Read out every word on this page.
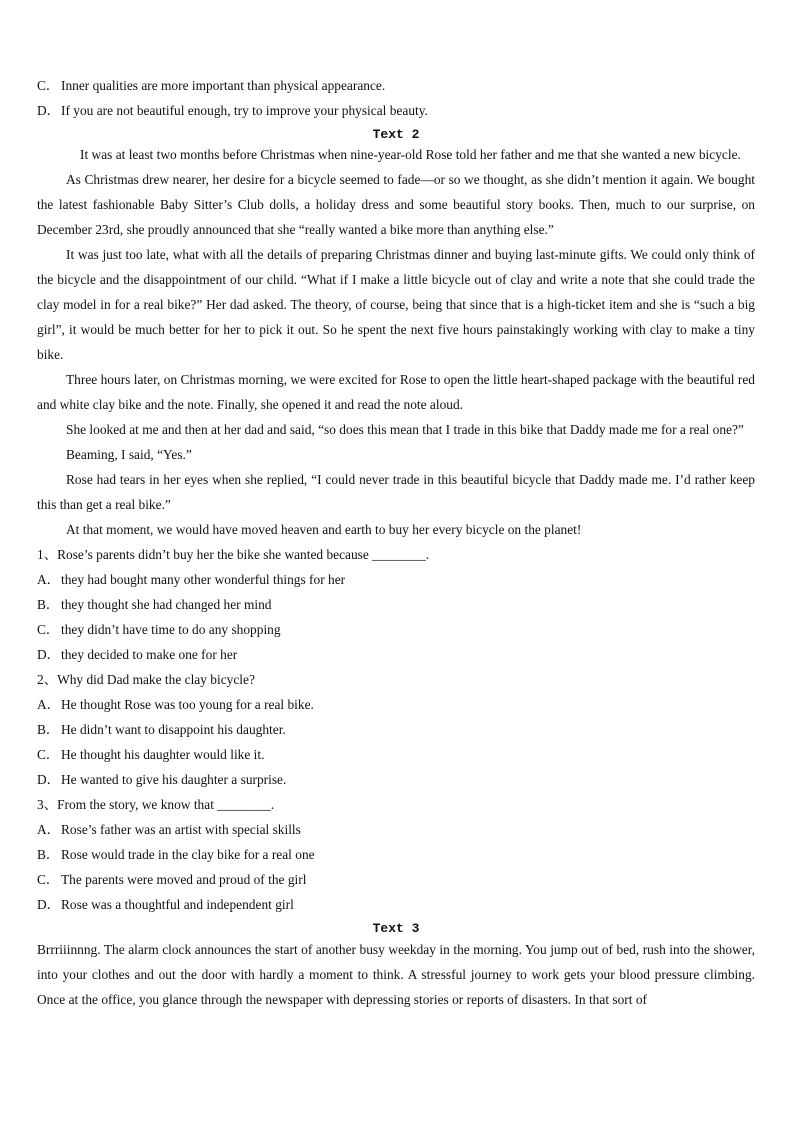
C． Inner qualities are more important than physical appearance.

D．If you are not beautiful enough, try to improve your physical beauty.

Text 2

It was at least two months before Christmas when nine-year-old Rose told her father and me that she wanted a new bicycle.

As Christmas drew nearer, her desire for a bicycle seemed to fade—or so we thought, as she didn’t mention it again. We bought the latest fashionable Baby Sitter’s Club dolls, a holiday dress and some beautiful story books. Then, much to our surprise, on December 23rd, she proudly announced that she “really wanted a bike more than anything else.”

It was just too late, what with all the details of preparing Christmas dinner and buying last-minute gifts. We could only think of the bicycle and the disappointment of our child. “What if I make a little bicycle out of clay and write a note that she could trade the clay model in for a real bike?” Her dad asked. The theory, of course, being that since that is a high-ticket item and she is “such a big girl”, it would be much better for her to pick it out. So he spent the next five hours painstakingly working with clay to make a tiny bike.

Three hours later, on Christmas morning, we were excited for Rose to open the little heart-shaped package with the beautiful red and white clay bike and the note. Finally, she opened it and read the note aloud.

She looked at me and then at her dad and said, “so does this mean that I trade in this bike that Daddy made me for a real one?”

Beaming, I said, “Yes.”

Rose had tears in her eyes when she replied, “I could never trade in this beautiful bicycle that Daddy made me. I’d rather keep this than get a real bike.”

At that moment, we would have moved heaven and earth to buy her every bicycle on the planet!

1、Rose’s parents didn’t buy her the bike she wanted because ________.

A．they had bought many other wonderful things for her

B． they thought she had changed her mind

C． they didn’t have time to do any shopping

D．they decided to make one for her

2、Why did Dad make the clay bicycle?

A．He thought Rose was too young for a real bike.

B． He didn’t want to disappoint his daughter.

C． He thought his daughter would like it.

D．He wanted to give his daughter a surprise.

3、From the story, we know that ________.

A．Rose’s father was an artist with special skills

B． Rose would trade in the clay bike for a real one

C． The parents were moved and proud of the girl

D．Rose was a thoughtful and independent girl

Text 3

Brrriiinnng. The alarm clock announces the start of another busy weekday in the morning. You jump out of bed, rush into the shower, into your clothes and out the door with hardly a moment to think. A stressful journey to work gets your blood pressure climbing. Once at the office, you glance through the newspaper with depressing stories or reports of disasters. In that sort of
